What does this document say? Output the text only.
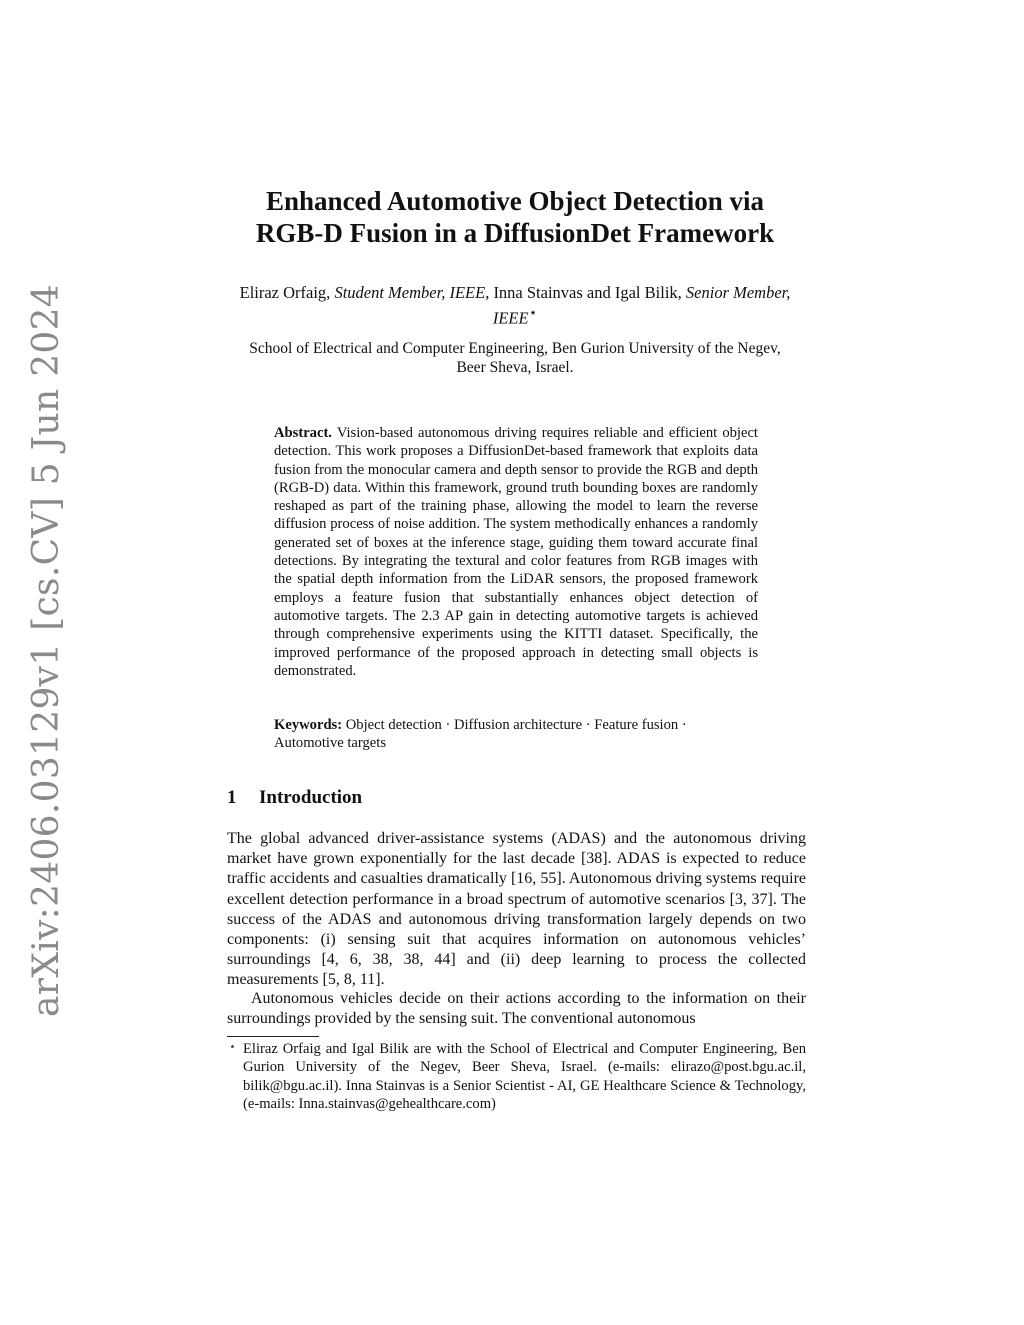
arXiv:2406.03129v1 [cs.CV] 5 Jun 2024
Enhanced Automotive Object Detection via
RGB-D Fusion in a DiffusionDet Framework
Eliraz Orfaig, Student Member, IEEE, Inna Stainvas and Igal Bilik, Senior Member, IEEE⋆
School of Electrical and Computer Engineering, Ben Gurion University of the Negev,
Beer Sheva, Israel.
Abstract. Vision-based autonomous driving requires reliable and efficient object detection. This work proposes a DiffusionDet-based framework that exploits data fusion from the monocular camera and depth sensor to provide the RGB and depth (RGB-D) data. Within this framework, ground truth bounding boxes are randomly reshaped as part of the training phase, allowing the model to learn the reverse diffusion process of noise addition. The system methodically enhances a randomly generated set of boxes at the inference stage, guiding them toward accurate final detections. By integrating the textural and color features from RGB images with the spatial depth information from the LiDAR sensors, the proposed framework employs a feature fusion that substantially enhances object detection of automotive targets. The 2.3 AP gain in detecting automotive targets is achieved through comprehensive experiments using the KITTI dataset. Specifically, the improved performance of the proposed approach in detecting small objects is demonstrated.
Keywords: Object detection · Diffusion architecture · Feature fusion · Automotive targets
1 Introduction

The global advanced driver-assistance systems (ADAS) and the autonomous driving market have grown exponentially for the last decade [38]. ADAS is expected to reduce traffic accidents and casualties dramatically [16, 55]. Autonomous driving systems require excellent detection performance in a broad spectrum of automotive scenarios [3, 37]. The success of the ADAS and autonomous driving transformation largely depends on two components: (i) sensing suit that acquires information on autonomous vehicles’ surroundings [4, 6, 38, 38, 44] and (ii) deep learning to process the collected measurements [5, 8, 11].

Autonomous vehicles decide on their actions according to the information on their surroundings provided by the sensing suit. The conventional autonomous

⋆ Eliraz Orfaig and Igal Bilik are with the School of Electrical and Computer Engineering, Ben Gurion University of the Negev, Beer Sheva, Israel. (e-mails: elirazo@post.bgu.ac.il, bilik@bgu.ac.il). Inna Stainvas is a Senior Scientist - AI, GE Healthcare Science & Technology, (e-mails: Inna.stainvas@gehealthcare.com)
